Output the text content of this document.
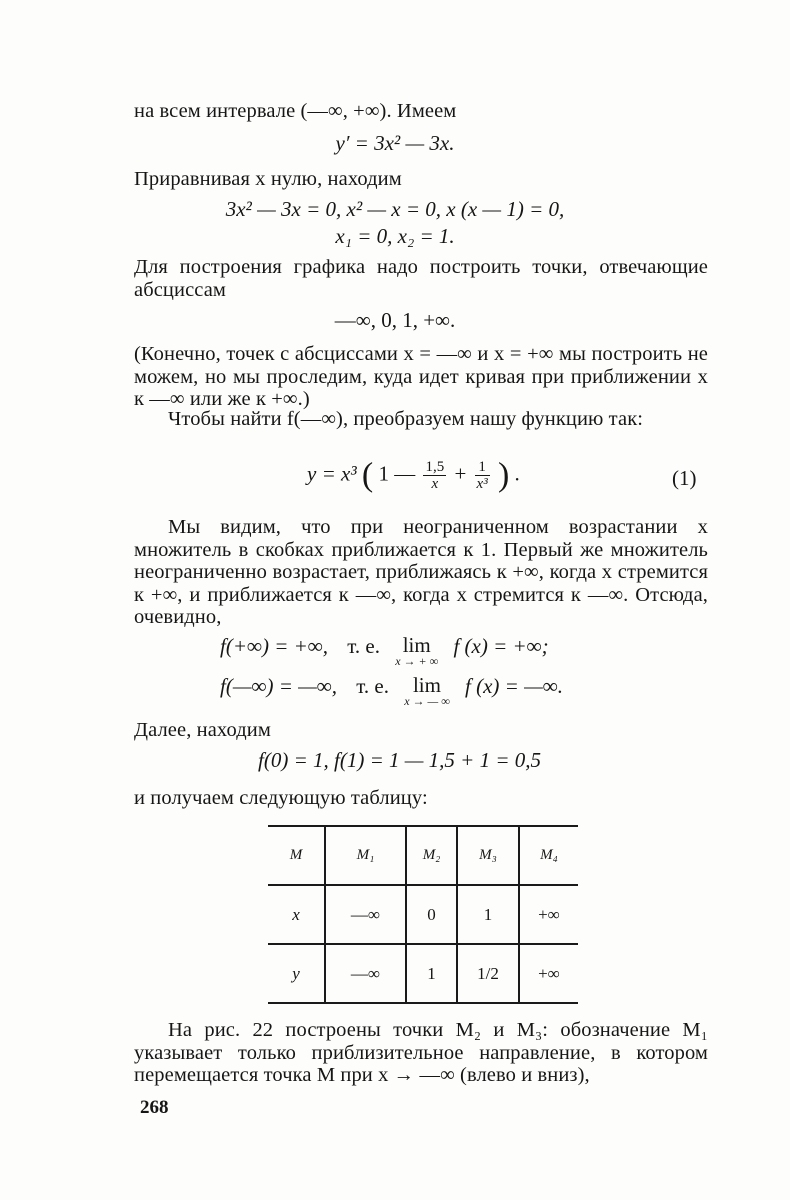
на всем интервале (—∞, +∞). Имеем
y′ = 3x² — 3x.
Приравнивая x нулю, находим
3x² — 3x = 0, x² — x = 0, x (x — 1) = 0,
x₁ = 0, x₂ = 1.
Для построения графика надо построить точки, отвечающие абсциссам
—∞, 0, 1, +∞.
(Конечно, точек с абсциссами x = —∞ и x = +∞ мы построить не можем, но мы проследим, куда идет кривая при приближении x к —∞ или же к +∞.)
Чтобы найти f(—∞), преобразуем нашу функцию так:
y = x³ ( 1 — $\frac{1,5}{x} + \frac{1}{\text{x³}}$ ) .	(1)
Мы видим, что при неограниченном возрастании x множитель в скобках приближается к 1. Первый же множитель неограниченно возрастает, приближаясь к +∞, когда x стремится к +∞, и приближается к —∞, когда x стремится к —∞. Отсюда, очевидно,
f(+∞) = +∞, т. е.	lim
x → + ∞
f (x) = +∞;
f(—∞) = —∞, т. е.	lim
x → — ∞
f (x) = —∞.
Далее, находим
f(0) = 1, f(1) = 1 — 1,5 + 1 = 0,5
и получаем следующую таблицу:
M	M₁	M₂	M₃	M₄
x	—∞	0	1	+∞
y	—∞	1	1/2	+∞
На рис. 22 построены точки M₂ и M₃: обозначение M₁ указывает только приблизительное направление, в котором перемещается точка M при x → —∞ (влево и вниз),
268
